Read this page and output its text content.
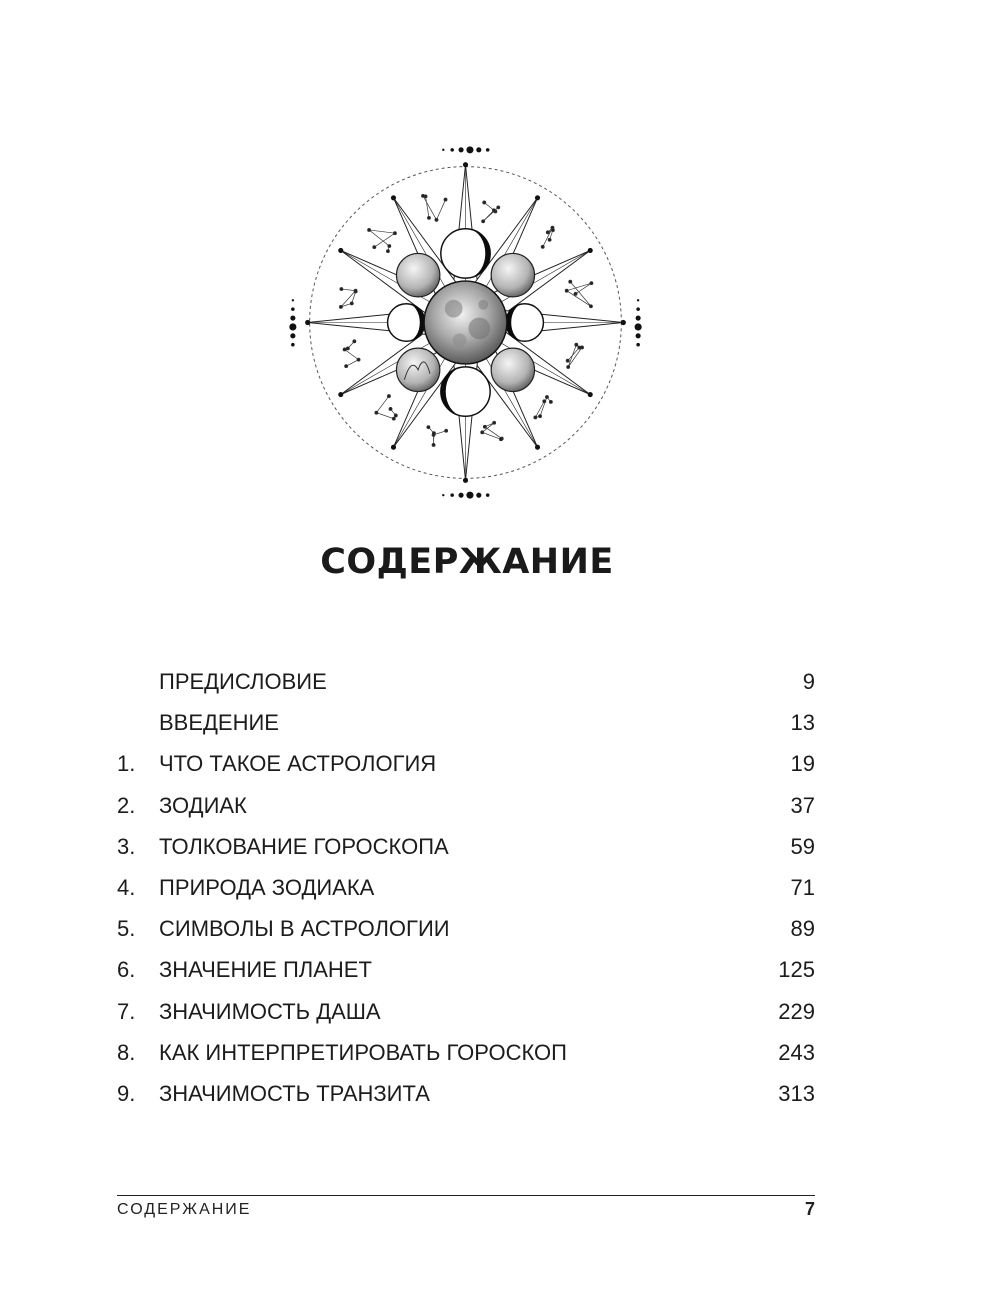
СОДЕРЖАНИЕ
ПРЕДИСЛОВИЕ	9
ВВЕДЕНИЕ	13
1. ЧТО ТАКОЕ АСТРОЛОГИЯ	19
2. ЗОДИАК	37
3. ТОЛКОВАНИЕ ГОРОСКОПА	59
4. ПРИРОДА ЗОДИАКА	71
5. СИМВОЛЫ В АСТРОЛОГИИ	89
6. ЗНАЧЕНИЕ ПЛАНЕТ	125
7. ЗНАЧИМОСТЬ ДАША	229
8. КАК ИНТЕРПРЕТИРОВАТЬ ГОРОСКОП	243
9. ЗНАЧИМОСТЬ ТРАНЗИТА	313
СОДЕРЖАНИЕ	7
